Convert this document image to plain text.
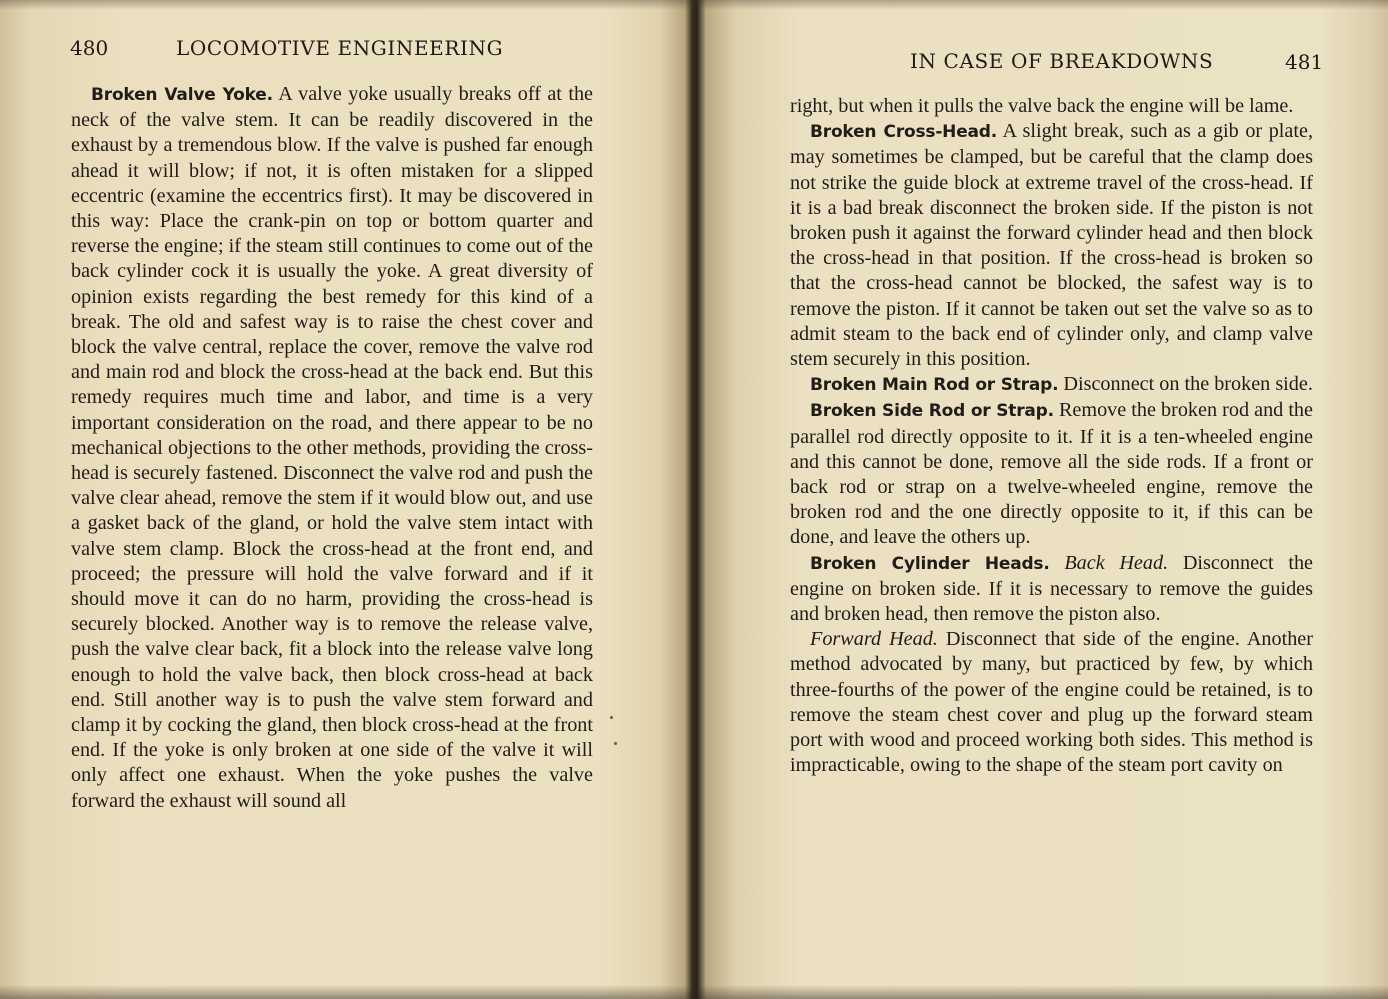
480	LOCOMOTIVE ENGINEERING

Broken Valve Yoke. A valve yoke usually breaks off at the neck of the valve stem. It can be readily discovered in the exhaust by a tremendous blow. If the valve is pushed far enough ahead it will blow; if not, it is often mistaken for a slipped eccentric (examine the eccentrics first). It may be discovered in this way: Place the crank-pin on top or bottom quarter and reverse the engine; if the steam still continues to come out of the back cylinder cock it is usually the yoke. A great diversity of opinion exists regarding the best remedy for this kind of a break. The old and safest way is to raise the chest cover and block the valve central, replace the cover, remove the valve rod and main rod and block the cross-head at the back end. But this remedy requires much time and labor, and time is a very important consideration on the road, and there appear to be no mechanical objections to the other methods, providing the cross-head is securely fastened. Disconnect the valve rod and push the valve clear ahead, remove the stem if it would blow out, and use a gasket back of the gland, or hold the valve stem intact with valve stem clamp. Block the cross-head at the front end, and proceed; the pressure will hold the valve forward and if it should move it can do no harm, providing the cross-head is securely blocked. Another way is to remove the release valve, push the valve clear back, fit a block into the release valve long enough to hold the valve back, then block cross-head at back end. Still another way is to push the valve stem forward and clamp it by cocking the gland, then block cross-head at the front end. If the yoke is only broken at one side of the valve it will only affect one exhaust. When the yoke pushes the valve forward the exhaust will sound all

IN CASE OF BREAKDOWNS	481

right, but when it pulls the valve back the engine will be lame.

Broken Cross-Head. A slight break, such as a gib or plate, may sometimes be clamped, but be careful that the clamp does not strike the guide block at extreme travel of the cross-head. If it is a bad break disconnect the broken side. If the piston is not broken push it against the forward cylinder head and then block the cross-head in that position. If the cross-head is broken so that the cross-head cannot be blocked, the safest way is to remove the piston. If it cannot be taken out set the valve so as to admit steam to the back end of cylinder only, and clamp valve stem securely in this position.

Broken Main Rod or Strap. Disconnect on the broken side.

Broken Side Rod or Strap. Remove the broken rod and the parallel rod directly opposite to it. If it is a ten-wheeled engine and this cannot be done, remove all the side rods. If a front or back rod or strap on a twelve-wheeled engine, remove the broken rod and the one directly opposite to it, if this can be done, and leave the others up.

Broken Cylinder Heads. Back Head. Disconnect the engine on broken side. If it is necessary to remove the guides and broken head, then remove the piston also.

Forward Head. Disconnect that side of the engine. Another method advocated by many, but practiced by few, by which three-fourths of the power of the engine could be retained, is to remove the steam chest cover and plug up the forward steam port with wood and proceed working both sides. This method is impracticable, owing to the shape of the steam port cavity on
